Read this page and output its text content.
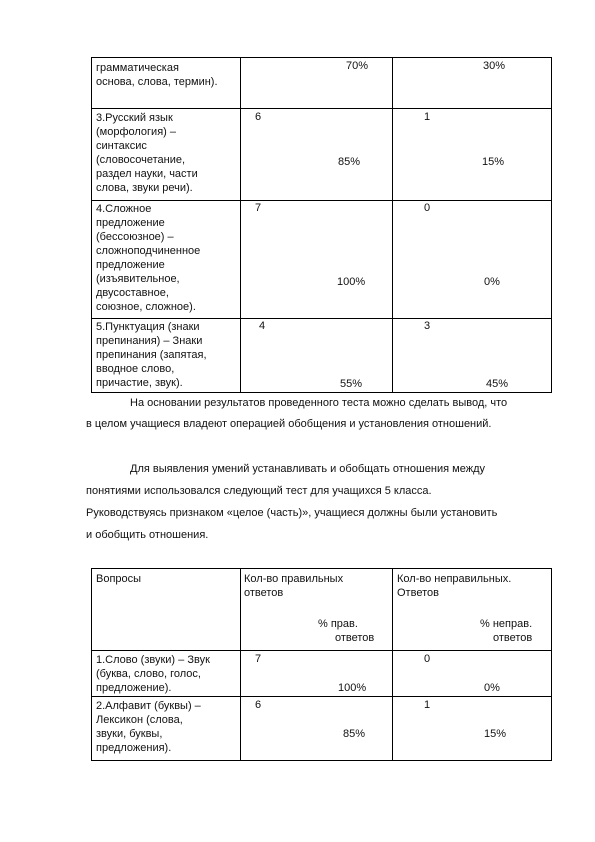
грамматическая
основа, слова, термин).
70%	30%
3.Русский язык
(морфология) –
синтаксис
(словосочетание,
раздел науки, части
слова, звуки речи).
6
85%
1
15%
4.Сложное
предложение
(бессоюзное) –
сложноподчиненное
предложение
(изъявительное,
двусоставное,
союзное, сложное).
7
100%
0
0%
5.Пунктуация (знаки
препинания) – Знаки
препинания (запятая,
вводное слово,
причастие, звук).
4
55%
3
45%
На основании результатов проведенного теста можно сделать вывод, что
в целом учащиеся владеют операцией обобщения и установления отношений.
Для выявления умений устанавливать и обобщать отношения между
понятиями использовался следующий тест для учащихся 5 класса.
Руководствуясь признаком «целое (часть)», учащиеся должны были установить
и обобщить отношения.
Вопросы	Кол-во правильных
ответов
% прав.
ответов
Кол-во неправильных.
Ответов
% неправ.
ответов
1.Слово (звуки) – Звук
(буква, слово, голос,
предложение).
7
100%
0
0%
2.Алфавит (буквы) –
Лексикон (слова,
звуки, буквы,
предложения).
6
85%
1
15%
